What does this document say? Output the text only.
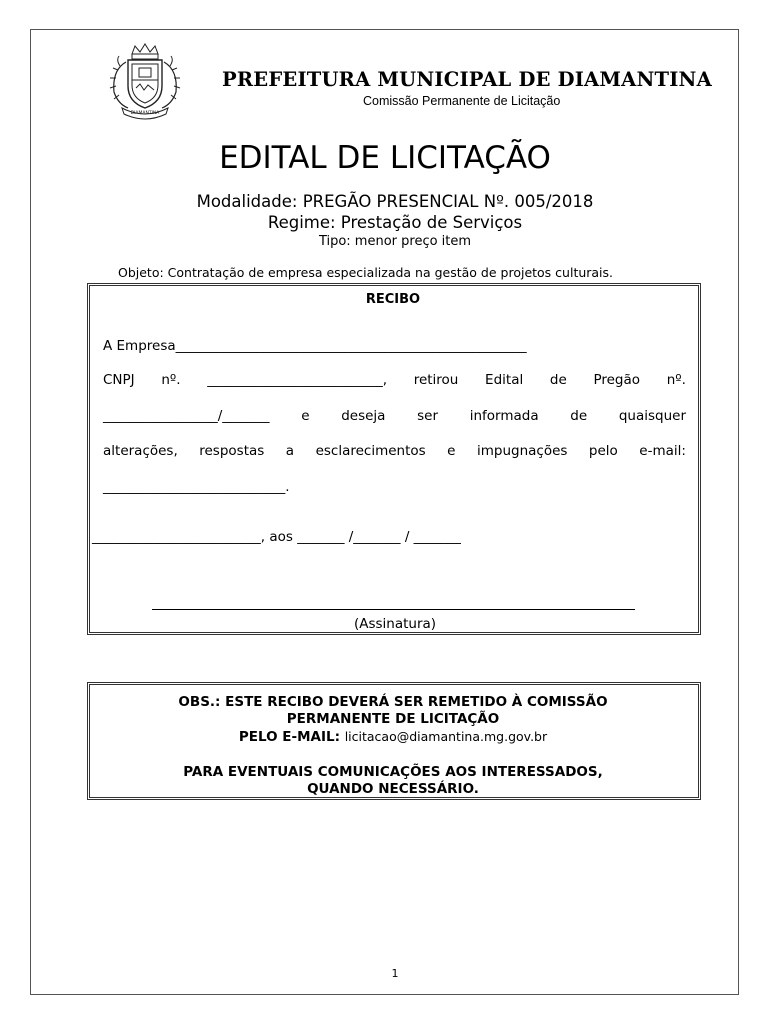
DIAMANTINA
PREFEITURA MUNICIPAL DE DIAMANTINA
Comissão Permanente de Licitação
EDITAL DE LICITAÇÃO
Modalidade: PREGÃO PRESENCIAL Nº. 005/2018
Regime: Prestação de Serviços
Tipo: menor preço item
Objeto: Contratação de empresa especializada na gestão de projetos culturais.
RECIBO
A Empresa____________________________________________________
CNPJ nº. __________________________, retirou Edital de Pregão nº.
_________________/_______ e deseja ser informada de quaisquer
alterações, respostas a esclarecimentos e impugnações pelo e-mail:
___________________________.
_________________________, aos _______ /_______ / _______
(Assinatura)
OBS.: ESTE RECIBO DEVERÁ SER REMETIDO À COMISSÃO
PERMANENTE DE LICITAÇÃO
PELO E-MAIL: licitacao@diamantina.mg.gov.br
PARA EVENTUAIS COMUNICAÇÕES AOS INTERESSADOS,
QUANDO NECESSÁRIO.
1
